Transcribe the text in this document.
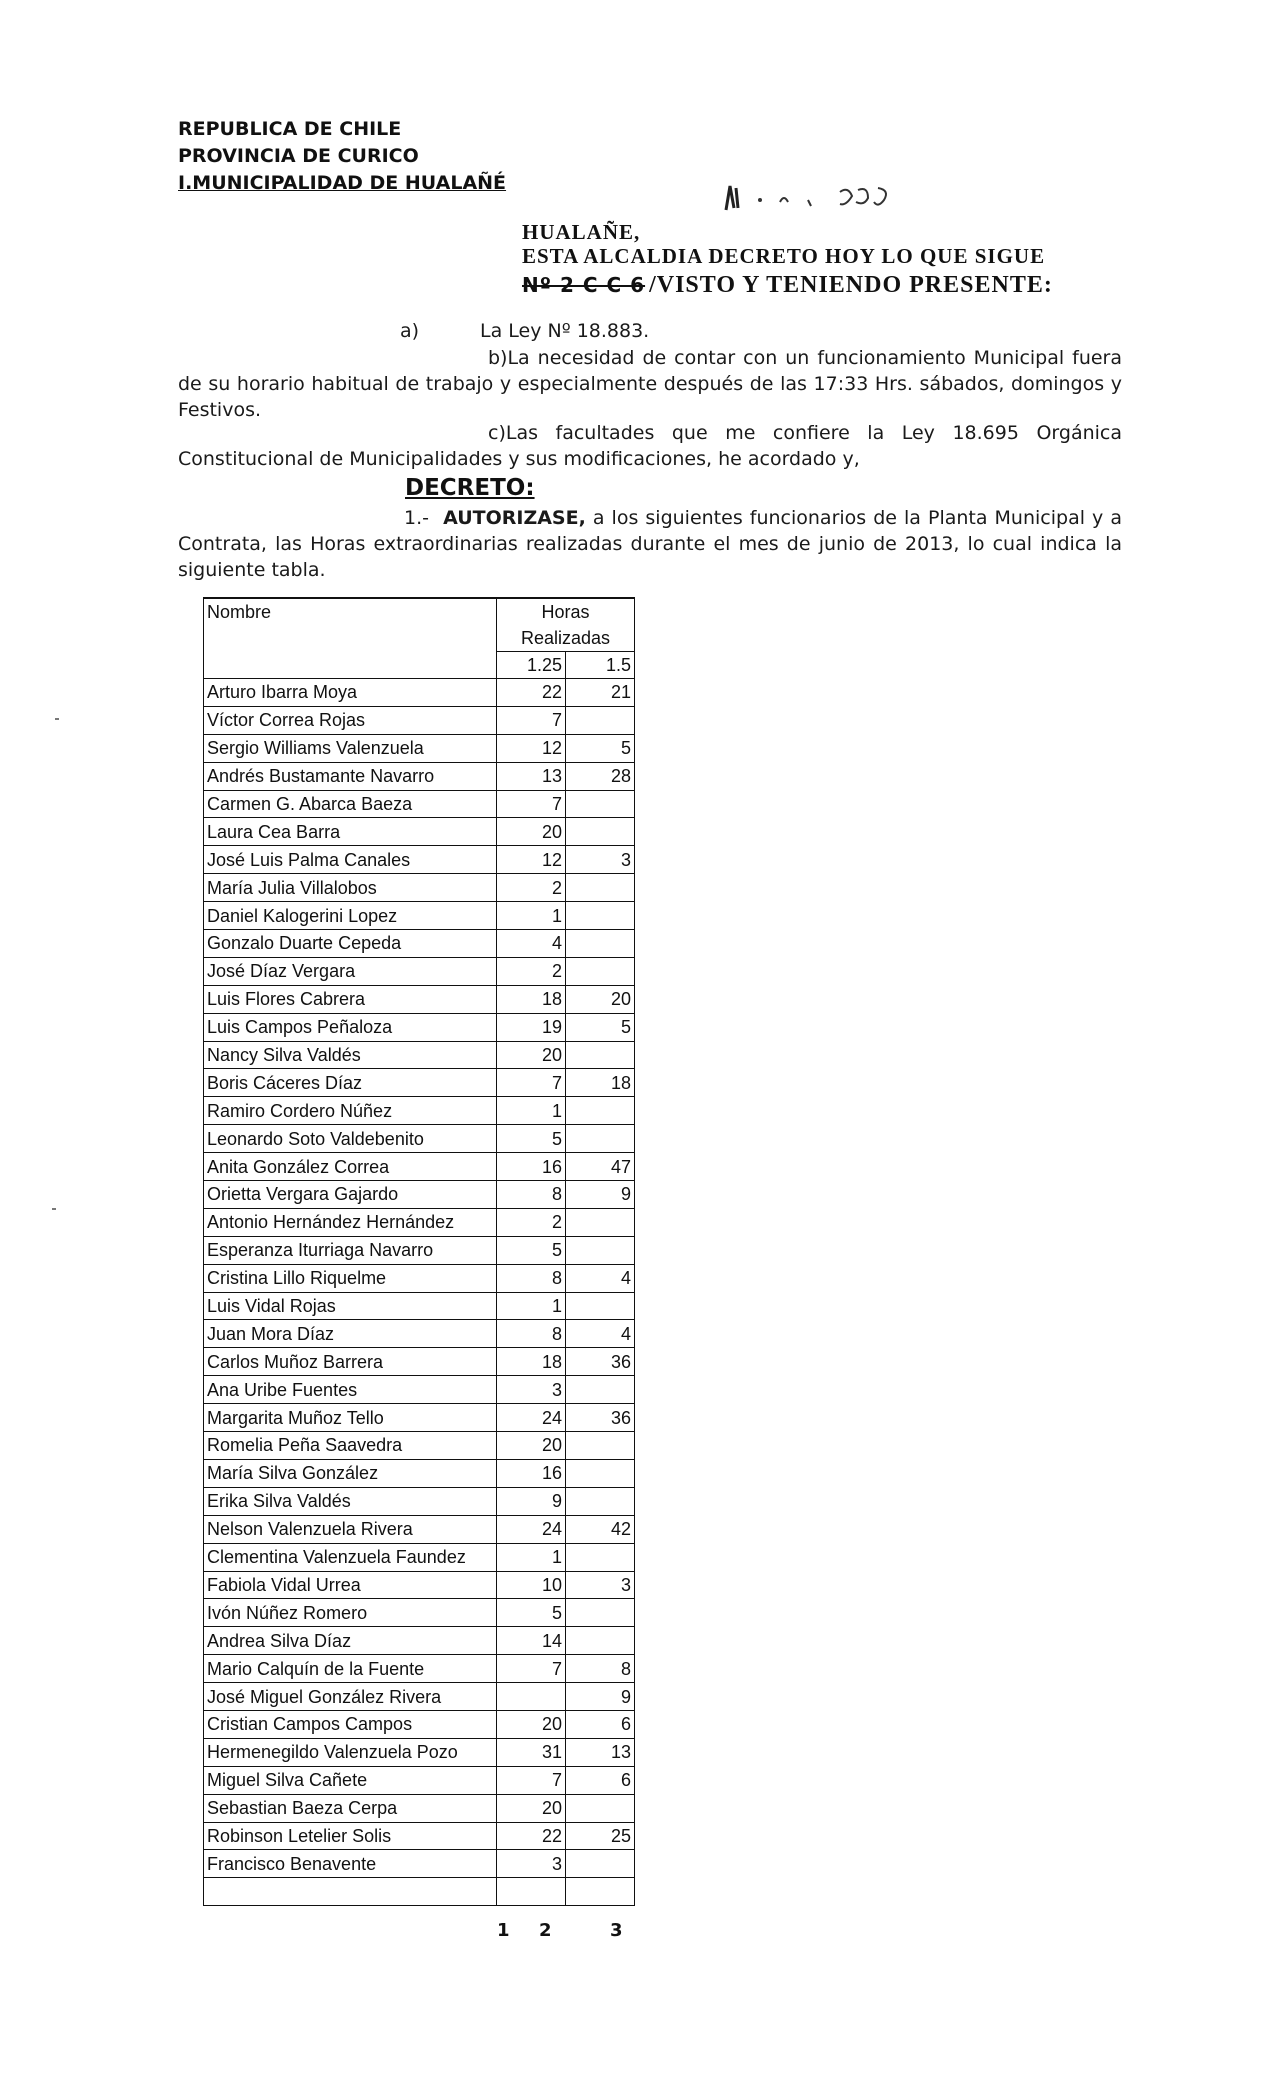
REPUBLICA DE CHILE
PROVINCIA DE CURICO
I.MUNICIPALIDAD DE HUALAÑÉ
HUALAÑE,
ESTA ALCALDIA DECRETO HOY LO QUE SIGUE
Nº 2 C C 6 /VISTO Y TENIENDO PRESENTE:
a)	La Ley Nº 18.883.
b)La necesidad de contar con un funcionamiento Municipal fuera de su horario habitual de trabajo y especialmente después de las 17:33 Hrs. sábados, domingos y Festivos.
c)Las facultades que me confiere la Ley 18.695 Orgánica Constitucional de Municipalidades y sus modificaciones, he acordado y,
DECRETO:
1.- AUTORIZASE, a los siguientes funcionarios de la Planta Municipal y a Contrata, las Horas extraordinarias realizadas durante el mes de junio de 2013, lo cual indica la siguiente tabla.
Nombre	Horas
Realizadas	
	1.25	1.5
Arturo Ibarra Moya	22	21
Víctor Correa Rojas	7	
Sergio Williams Valenzuela	12	5
Andrés Bustamante Navarro	13	28
Carmen G. Abarca Baeza	7	
Laura Cea Barra	20	
José Luis Palma Canales	12	3
María Julia Villalobos	2	
Daniel Kalogerini Lopez	1	
Gonzalo Duarte Cepeda	4	
José Díaz Vergara	2	
Luis Flores Cabrera	18	20
Luis Campos Peñaloza	19	5
Nancy Silva Valdés	20	
Boris Cáceres Díaz	7	18
Ramiro Cordero Núñez	1	
Leonardo Soto Valdebenito	5	
Anita González Correa	16	47
Orietta Vergara Gajardo	8	9
Antonio Hernández Hernández	2	
Esperanza Iturriaga Navarro	5	
Cristina Lillo Riquelme	8	4
Luis Vidal Rojas	1	
Juan Mora Díaz	8	4
Carlos Muñoz Barrera	18	36
Ana Uribe Fuentes	3	
Margarita Muñoz Tello	24	36
Romelia Peña Saavedra	20	
María Silva González	16	
Erika Silva Valdés	9	
Nelson Valenzuela Rivera	24	42
Clementina Valenzuela Faundez	1	
Fabiola Vidal Urrea	10	3
Ivón Núñez Romero	5	
Andrea Silva Díaz	14	
Mario Calquín de la Fuente	7	8
José Miguel González Rivera		9
Cristian Campos Campos	20	6
Hermenegildo Valenzuela Pozo	31	13
Miguel Silva Cañete	7	6
Sebastian Baeza Cerpa	20	
Robinson Letelier Solis	22	25
Francisco Benavente	3	

1 2	3
